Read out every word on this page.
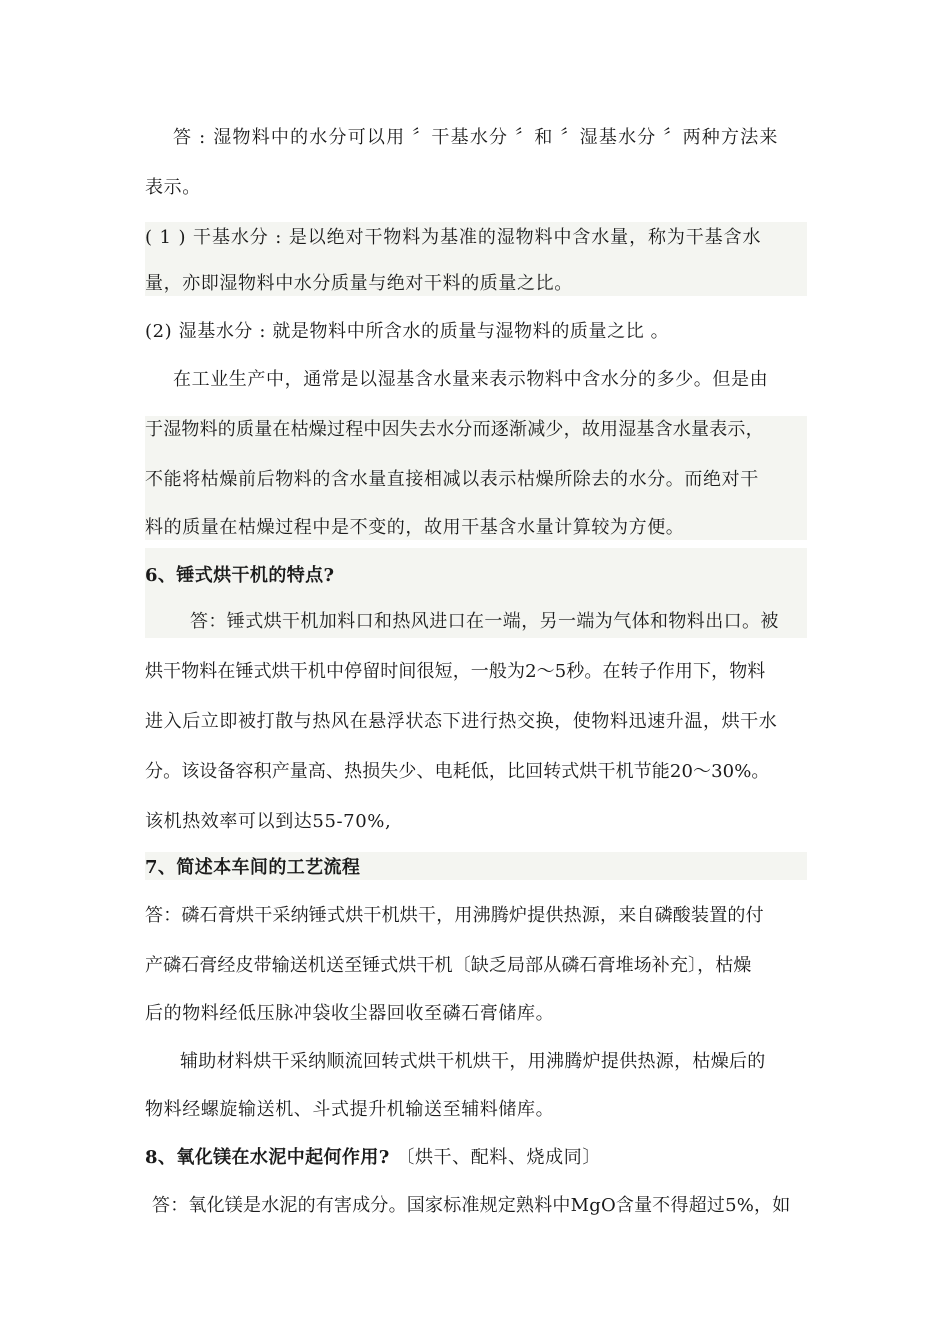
答 : 湿物料中的水分可以用 〞干基水分 〞和 〞湿基水分 〞两种方法来
表示。
( 1 ) 干基水分 : 是以绝对干物料为基准的湿物料中含水量，称为干基含水
量，亦即湿物料中水分质量与绝对干料的质量之比。
(2) 湿基水分 : 就是物料中所含水的质量与湿物料的质量之比 。
在工业生产中，通常是以湿基含水量来表示物料中含水分的多少。但是由
于湿物料的质量在枯燥过程中因失去水分而逐渐减少，故用湿基含水量表示，
不能将枯燥前后物料的含水量直接相减以表示枯燥所除去的水分。而绝对干
料的质量在枯燥过程中是不变的，故用干基含水量计算较为方便。
6、锤式烘干机的特点?
答：锤式烘干机加料口和热风进口在一端，另一端为气体和物料出口。被
烘干物料在锤式烘干机中停留时间很短，一般为2～5秒。在转子作用下，物料
进入后立即被打散与热风在悬浮状态下进行热交换，使物料迅速升温，烘干水
分。该设备容积产量高、热损失少、电耗低，比回转式烘干机节能20～30%。
该机热效率可以到达55-70%,
7、简述本车间的工艺流程
答：磷石膏烘干采纳锤式烘干机烘干，用沸腾炉提供热源，来自磷酸装置的付
产磷石膏经皮带输送机送至锤式烘干机〔缺乏局部从磷石膏堆场补充〕，枯燥
后的物料经低压脉冲袋收尘器回收至磷石膏储库。
辅助材料烘干采纳顺流回转式烘干机烘干，用沸腾炉提供热源，枯燥后的
物料经螺旋输送机、斗式提升机输送至辅料储库。
8、氧化镁在水泥中起何作用? 〔烘干、配料、烧成同〕
答：氧化镁是水泥的有害成分。国家标准规定熟料中MgO含量不得超过5%，如
